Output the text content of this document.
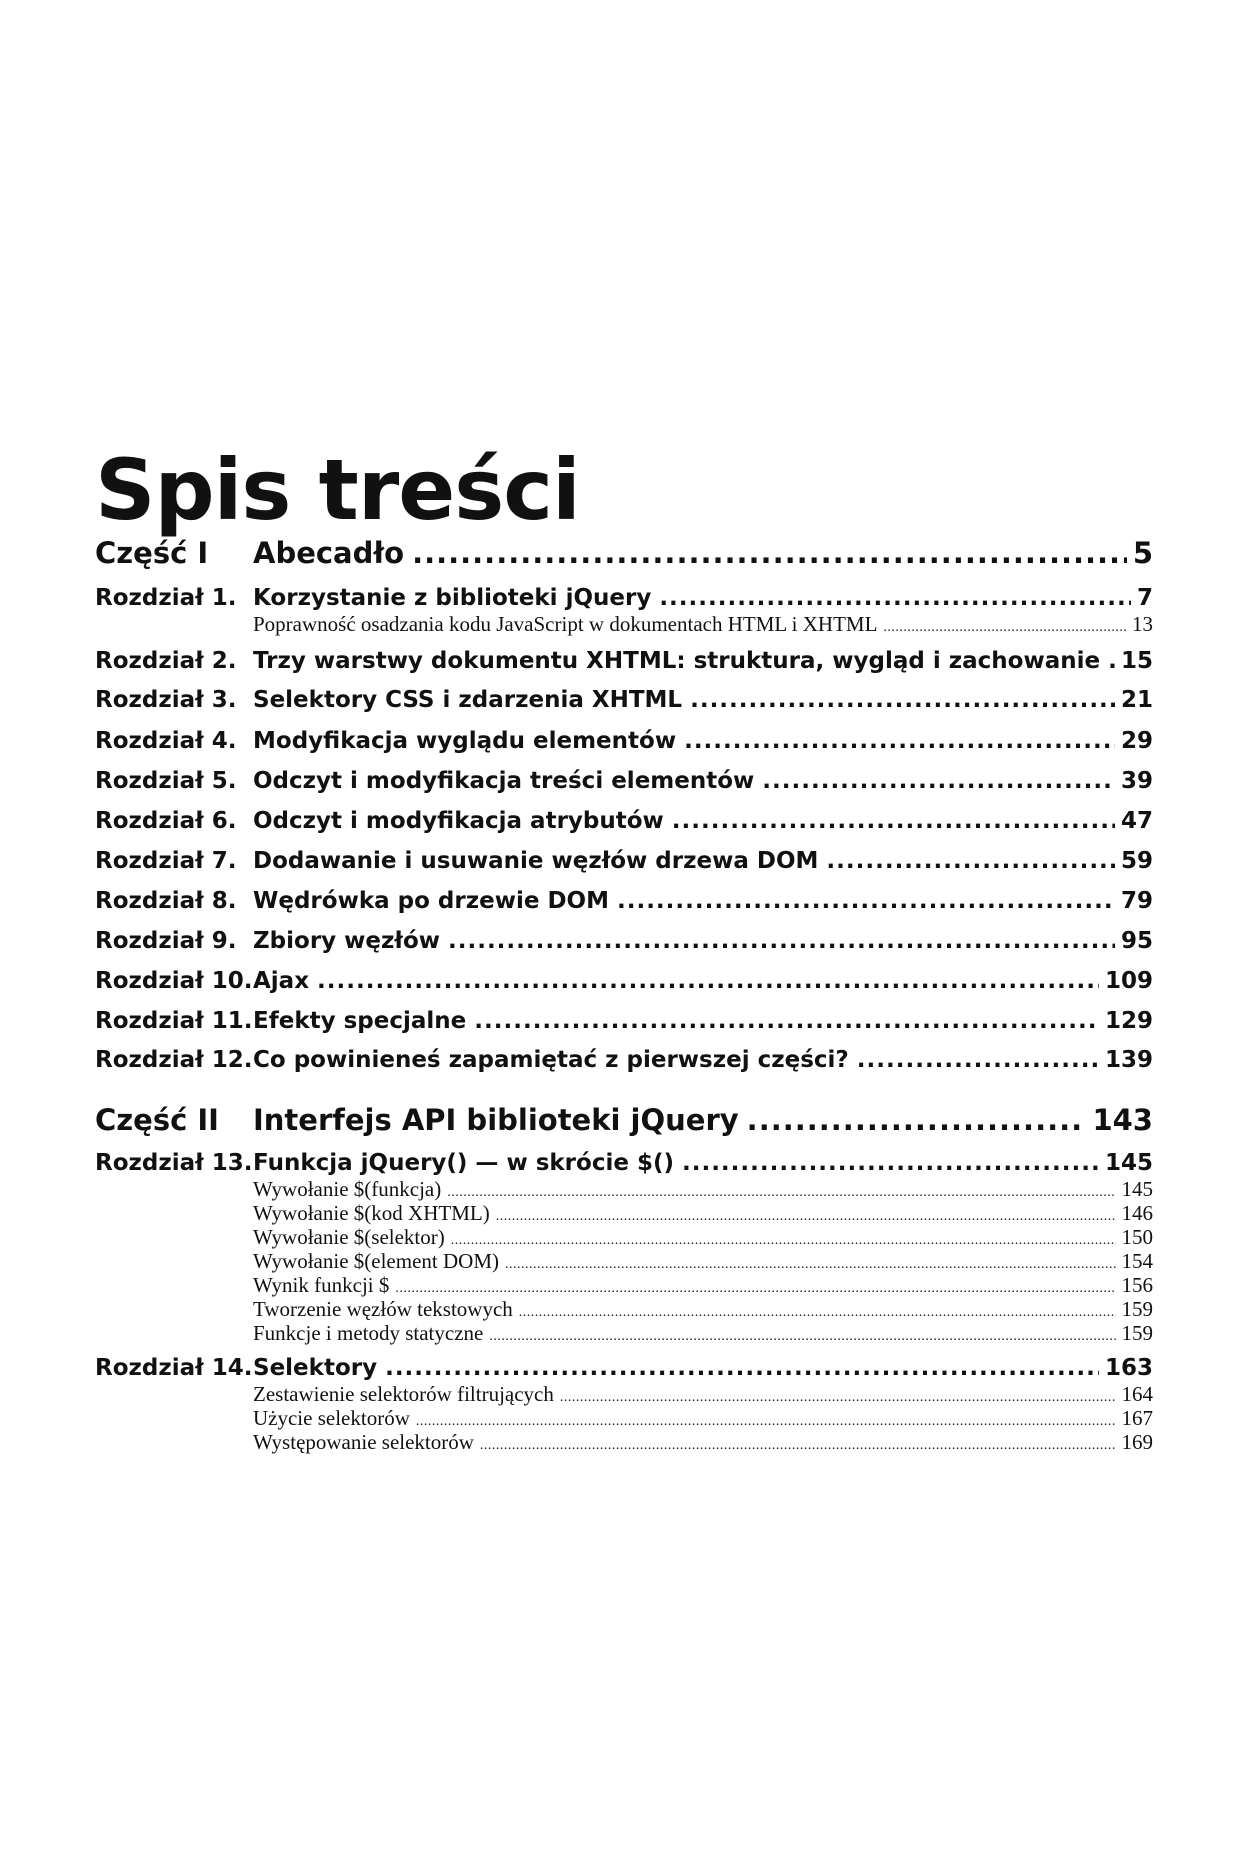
Spis treści
Część I	Abecadło .....	5
Rozdział 1. Korzystanie z biblioteki jQuery .....	7
Poprawność osadzania kodu JavaScript w dokumentach HTML i XHTML .....	13
Rozdział 2. Trzy warstwy dokumentu XHTML: struktura, wygląd i zachowanie ..... 15
Rozdział 3. Selektory CSS i zdarzenia XHTML .....	21
Rozdział 4. Modyfikacja wyglądu elementów .....	29
Rozdział 5. Odczyt i modyfikacja treści elementów .....	39
Rozdział 6. Odczyt i modyfikacja atrybutów .....	47
Rozdział 7. Dodawanie i usuwanie węzłów drzewa DOM .....	59
Rozdział 8. Wędrówka po drzewie DOM .....	79
Rozdział 9. Zbiory węzłów .....	95
Rozdział 10. Ajax .....	109
Rozdział 11. Efekty specjalne .....	129
Rozdział 12. Co powinieneś zapamiętać z pierwszej części? .....	139
Część II	Interfejs API biblioteki jQuery .....	143
Rozdział 13. Funkcja jQuery() — w skrócie $() .....	145
Wywołanie $(funkcja) .....	145
Wywołanie $(kod XHTML) .....	146
Wywołanie $(selektor) .....	150
Wywołanie $(element DOM) .....	154
Wynik funkcji $ .....	156
Tworzenie węzłów tekstowych .....	159
Funkcje i metody statyczne .....	159
Rozdział 14. Selektory .....	163
Zestawienie selektorów filtrujących .....	164
Użycie selektorów .....	167
Występowanie selektorów .....	169
